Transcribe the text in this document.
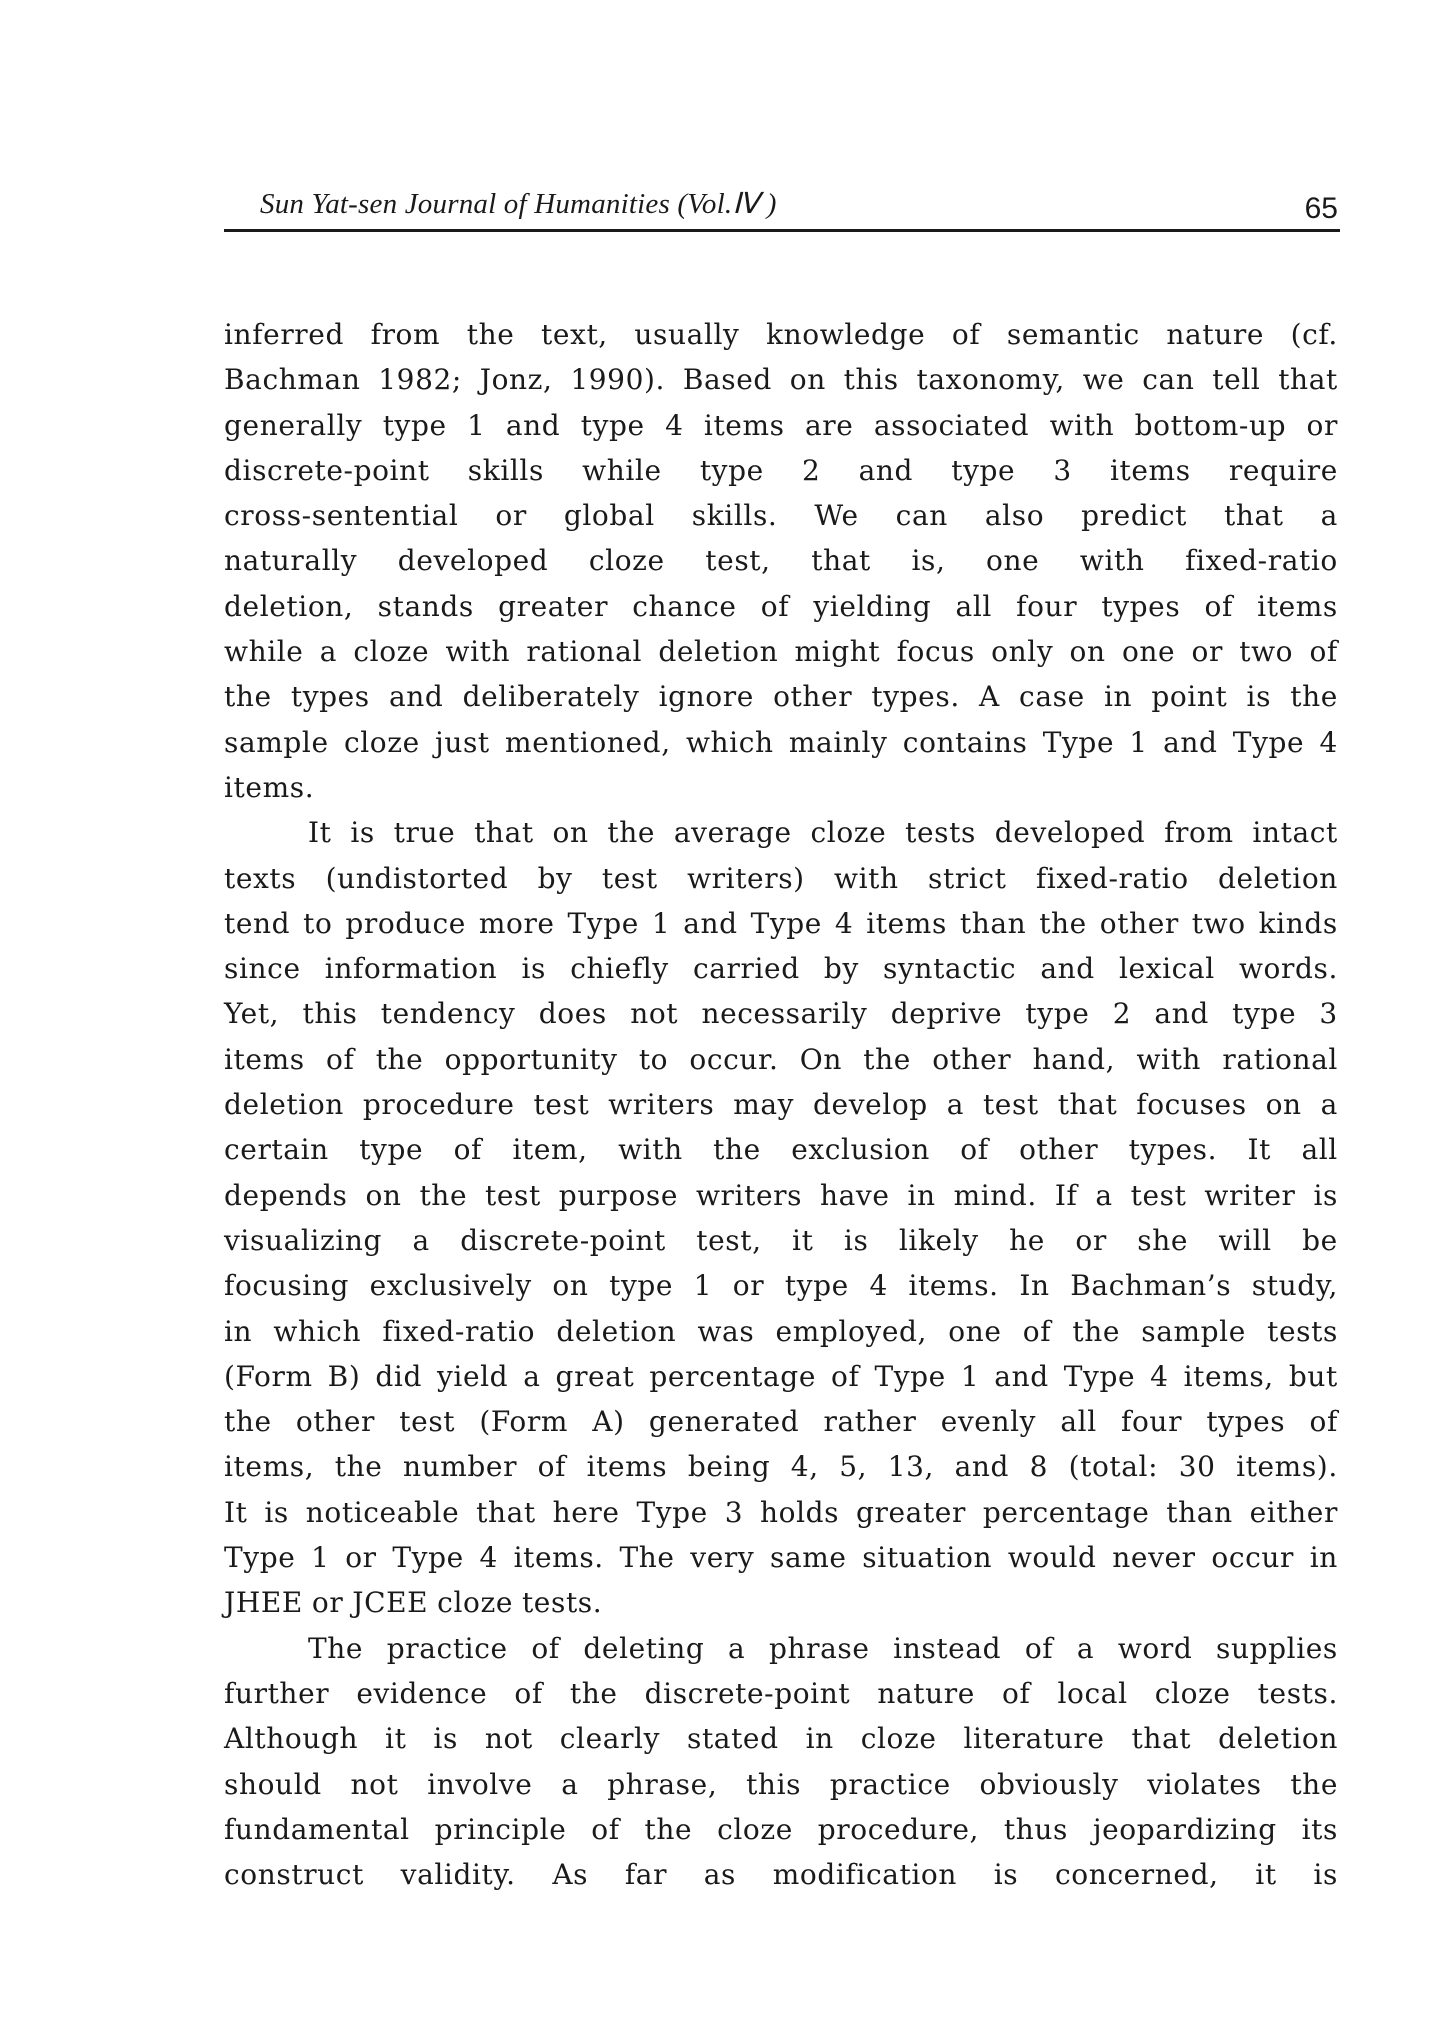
Sun Yat-sen Journal of Humanities (Vol.Ⅳ )	65
inferred from the text, usually knowledge of semantic nature (cf.
Bachman 1982; Jonz, 1990). Based on this taxonomy, we can tell that
generally type 1 and type 4 items are associated with bottom-up or
discrete-point skills while type 2 and type 3 items require
cross-sentential or global skills. We can also predict that a
naturally developed cloze test, that is, one with fixed-ratio
deletion, stands greater chance of yielding all four types of items
while a cloze with rational deletion might focus only on one or two of
the types and deliberately ignore other types. A case in point is the
sample cloze just mentioned, which mainly contains Type 1 and Type 4
items.
It is true that on the average cloze tests developed from intact
texts (undistorted by test writers) with strict fixed-ratio deletion
tend to produce more Type 1 and Type 4 items than the other two kinds
since information is chiefly carried by syntactic and lexical words.
Yet, this tendency does not necessarily deprive type 2 and type 3
items of the opportunity to occur. On the other hand, with rational
deletion procedure test writers may develop a test that focuses on a
certain type of item, with the exclusion of other types. It all
depends on the test purpose writers have in mind. If a test writer is
visualizing a discrete-point test, it is likely he or she will be
focusing exclusively on type 1 or type 4 items. In Bachman’s study,
in which fixed-ratio deletion was employed, one of the sample tests
(Form B) did yield a great percentage of Type 1 and Type 4 items, but
the other test (Form A) generated rather evenly all four types of
items, the number of items being 4, 5, 13, and 8 (total: 30 items).
It is noticeable that here Type 3 holds greater percentage than either
Type 1 or Type 4 items. The very same situation would never occur in
JHEE or JCEE cloze tests.
The practice of deleting a phrase instead of a word supplies
further evidence of the discrete-point nature of local cloze tests.
Although it is not clearly stated in cloze literature that deletion
should not involve a phrase, this practice obviously violates the
fundamental principle of the cloze procedure, thus jeopardizing its
construct validity. As far as modification is concerned, it is
